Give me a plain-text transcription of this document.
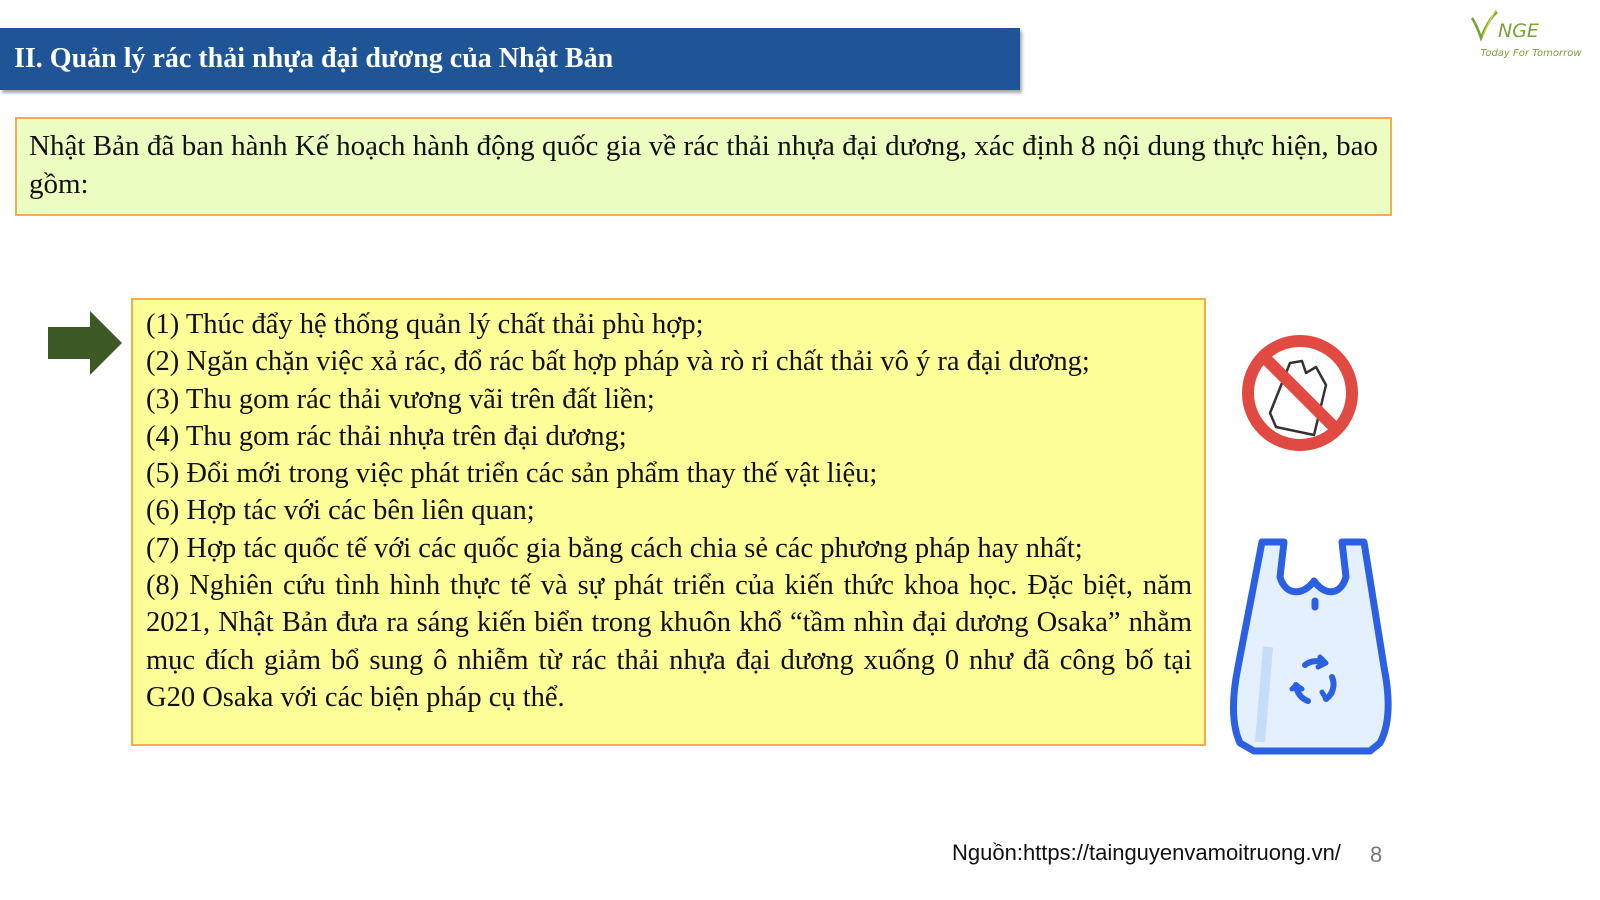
II. Quản lý rác thải nhựa đại dương của Nhật Bản
NGE
Today For Tomorrow
Nhật Bản đã ban hành Kế hoạch hành động quốc gia về rác thải nhựa đại dương, xác định 8 nội dung thực hiện, bao gồm:
(1) Thúc đẩy hệ thống quản lý chất thải phù hợp;
(2) Ngăn chặn việc xả rác, đổ rác bất hợp pháp và rò rỉ chất thải vô ý ra đại dương;
(3) Thu gom rác thải vương vãi trên đất liền;
(4) Thu gom rác thải nhựa trên đại dương;
(5) Đổi mới trong việc phát triển các sản phẩm thay thế vật liệu;
(6) Hợp tác với các bên liên quan;
(7) Hợp tác quốc tế với các quốc gia bằng cách chia sẻ các phương pháp hay nhất;
(8) Nghiên cứu tình hình thực tế và sự phát triển của kiến thức khoa học. Đặc biệt, năm 2021, Nhật Bản đưa ra sáng kiến biển trong khuôn khổ “tầm nhìn đại dương Osaka” nhằm mục đích giảm bổ sung ô nhiễm từ rác thải nhựa đại dương xuống 0 như đã công bố tại G20 Osaka với các biện pháp cụ thể.
Nguồn:https://tainguyenvamoitruong.vn/ 8
